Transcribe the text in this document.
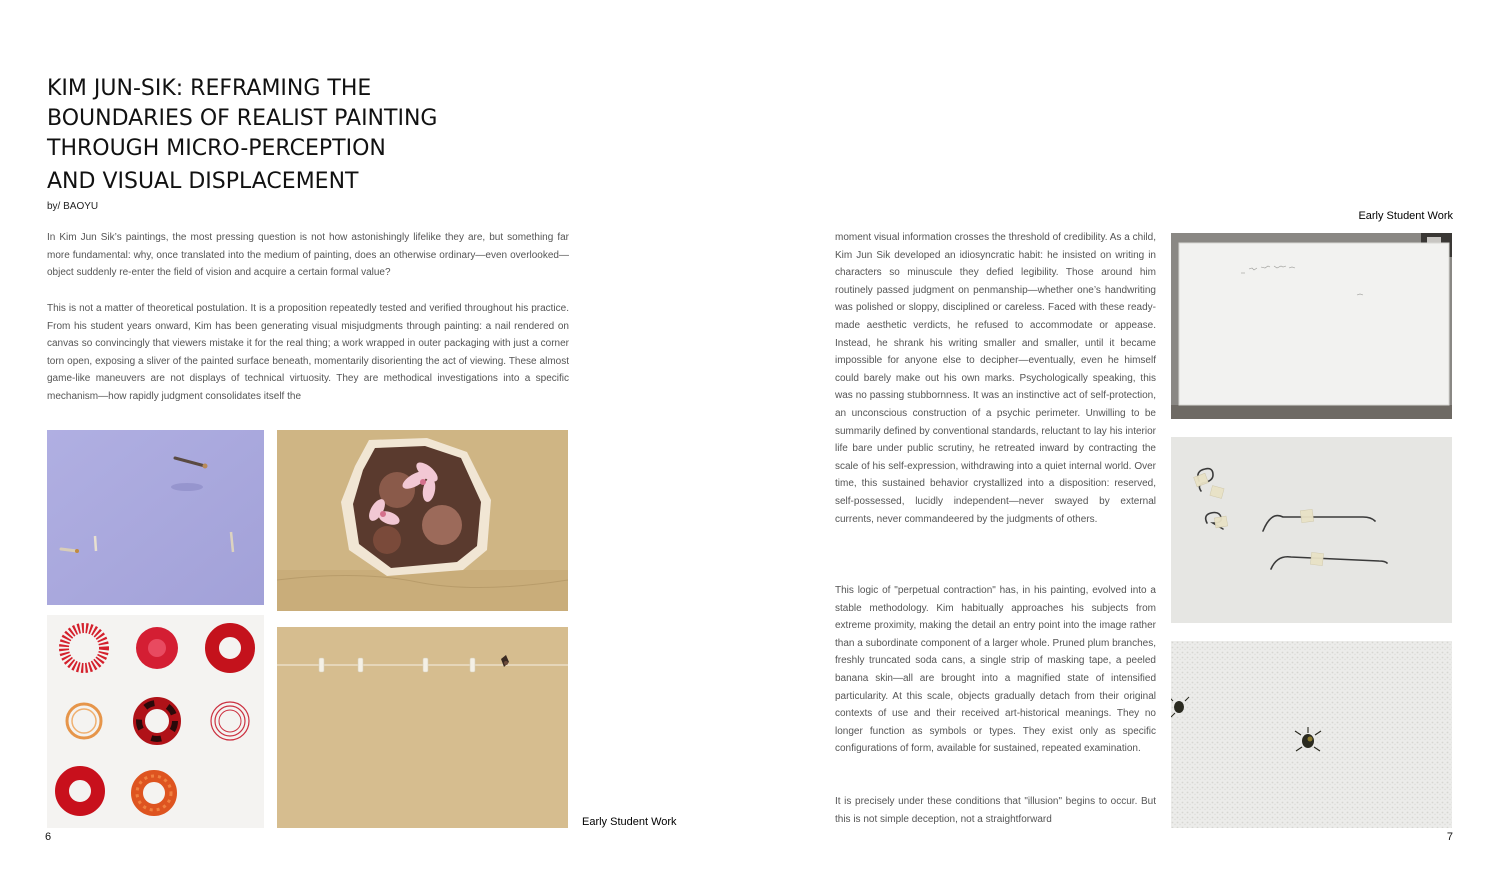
KIM JUN-SIK: REFRAMING THE
BOUNDARIES OF REALIST PAINTING
THROUGH MICRO-PERCEPTION
AND VISUAL DISPLACEMENT
by/ BAOYU

In Kim Jun Sik’s paintings, the most pressing question is not how astonishingly lifelike they are, but something far more fundamental: why, once translated into the medium of painting, does an otherwise ordinary—even overlooked—object suddenly re-enter the field of vision and acquire a certain formal value?

This is not a matter of theoretical postulation. It is a proposition repeatedly tested and verified throughout his practice. From his student years onward, Kim has been generating visual misjudgments through painting: a nail rendered on canvas so convincingly that viewers mistake it for the real thing; a work wrapped in outer packaging with just a corner torn open, exposing a sliver of the painted surface beneath, momentarily disorienting the act of viewing. These almost game-like maneuvers are not displays of technical virtuosity. They are methodical investigations into a specific mechanism—how rapidly judgment consolidates itself the

Early Student Work
6

moment visual information crosses the threshold of credibility. As a child, Kim Jun Sik developed an idiosyncratic habit: he insisted on writing in characters so minuscule they defied legibility. Those around him routinely passed judgment on penmanship—whether one’s handwriting was polished or sloppy, disciplined or careless. Faced with these ready-made aesthetic verdicts, he refused to accommodate or appease. Instead, he shrank his writing smaller and smaller, until it became impossible for anyone else to decipher—eventually, even he himself could barely make out his own marks. Psychologically speaking, this was no passing stubbornness. It was an instinctive act of self-protection, an unconscious construction of a psychic perimeter. Unwilling to be summarily defined by conventional standards, reluctant to lay his interior life bare under public scrutiny, he retreated inward by contracting the scale of his self-expression, withdrawing into a quiet internal world. Over time, this sustained behavior crystallized into a disposition: reserved, self-possessed, lucidly independent—never swayed by external currents, never commandeered by the judgments of others.

This logic of "perpetual contraction" has, in his painting, evolved into a stable methodology. Kim habitually approaches his subjects from extreme proximity, making the detail an entry point into the image rather than a subordinate component of a larger whole. Pruned plum branches, freshly truncated soda cans, a single strip of masking tape, a peeled banana skin—all are brought into a magnified state of intensified particularity. At this scale, objects gradually detach from their original contexts of use and their received art-historical meanings. They no longer function as symbols or types. They exist only as specific configurations of form, available for sustained, repeated examination.

It is precisely under these conditions that "illusion" begins to occur. But this is not simple deception, not a straightforward

Early Student Work
7
